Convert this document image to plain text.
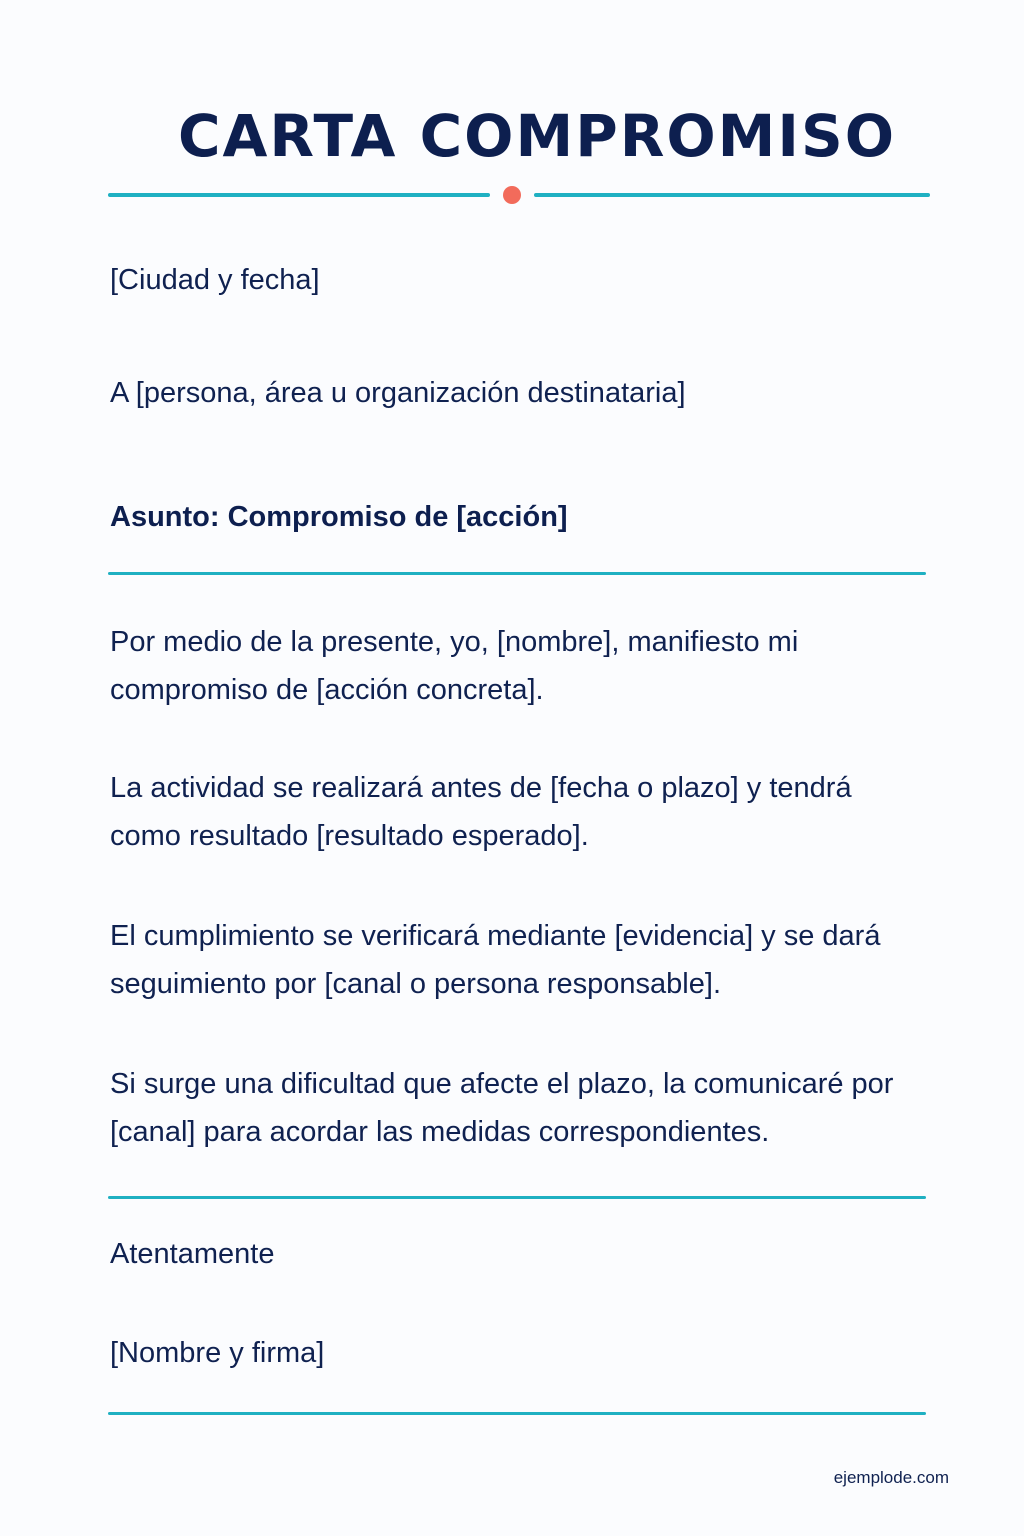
CARTA COMPROMISO

[Ciudad y fecha]

A [persona, área u organización destinataria]

Asunto: Compromiso de [acción]

Por medio de la presente, yo, [nombre], manifiesto mi compromiso de [acción concreta].

La actividad se realizará antes de [fecha o plazo] y tendrá como resultado [resultado esperado].

El cumplimiento se verificará mediante [evidencia] y se dará seguimiento por [canal o persona responsable].

Si surge una dificultad que afecte el plazo, la comunicaré por [canal] para acordar las medidas correspondientes.

Atentamente

[Nombre y firma]

ejemplode.com
